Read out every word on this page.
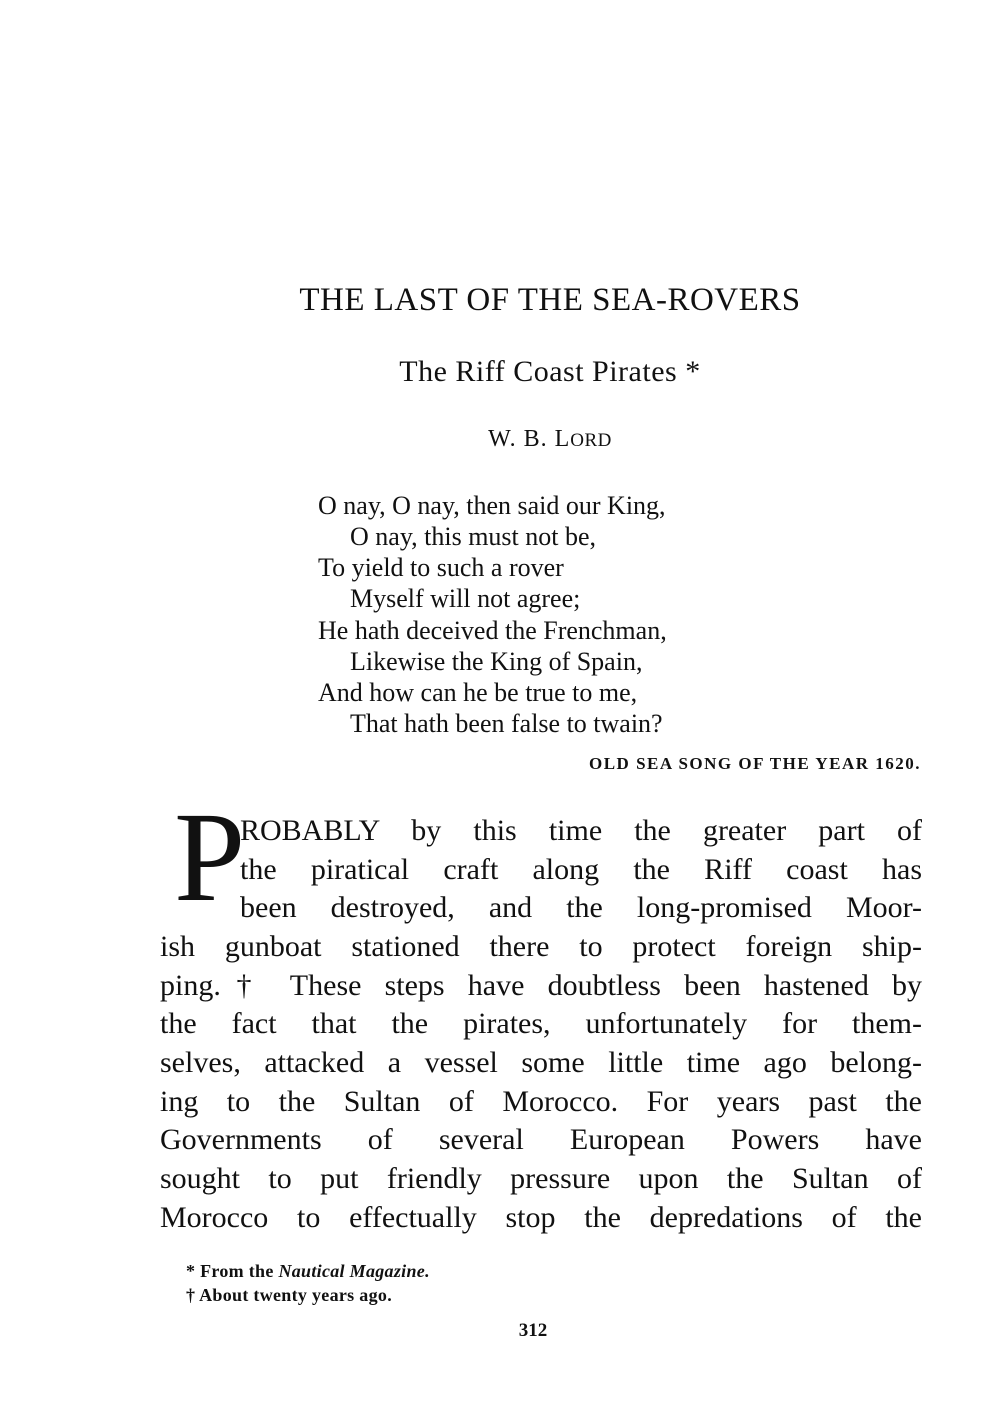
THE LAST OF THE SEA-ROVERS
The Riff Coast Pirates *
W. B. LORD
O nay, O nay, then said our King,
O nay, this must not be,
To yield to such a rover
Myself will not agree;
He hath deceived the Frenchman,
Likewise the King of Spain,
And how can he be true to me,
That hath been false to twain?
OLD SEA SONG OF THE YEAR 1620.
P
ROBABLY by this time the greater part of
the piratical craft along the Riff coast has
been destroyed, and the long-promised Moor-
ish gunboat stationed there to protect foreign ship-
ping.† These steps have doubtless been hastened by
the fact that the pirates, unfortunately for them-
selves, attacked a vessel some little time ago belong-
ing to the Sultan of Morocco. For years past the
Governments of several European Powers have
sought to put friendly pressure upon the Sultan of
Morocco to effectually stop the depredations of the
* From the Nautical Magazine.
† About twenty years ago.
312
